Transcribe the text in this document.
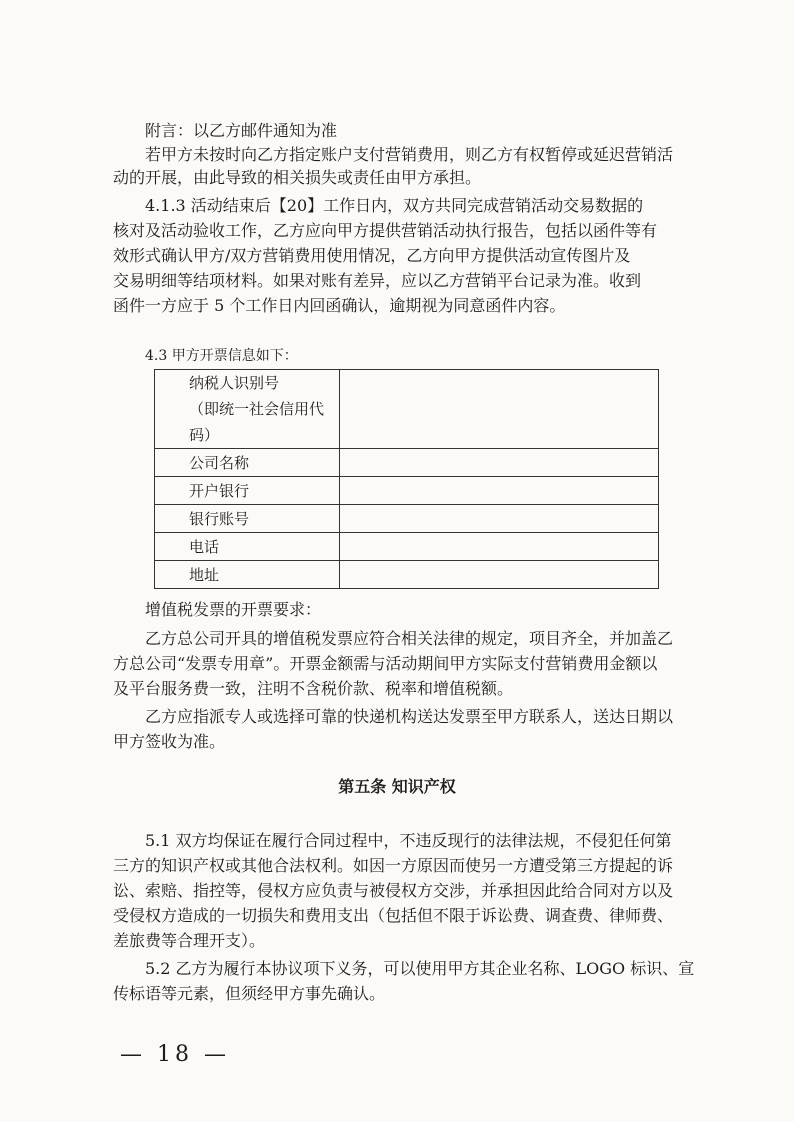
附言：以乙方邮件通知为准

若甲方未按时向乙方指定账户支付营销费用，则乙方有权暂停或延迟营销活

动的开展，由此导致的相关损失或责任由甲方承担。

4.1.3 活动结束后【20】工作日内，双方共同完成营销活动交易数据的

核对及活动验收工作，乙方应向甲方提供营销活动执行报告，包括以函件等有

效形式确认甲方/双方营销费用使用情况，乙方向甲方提供活动宣传图片及

交易明细等结项材料。如果对账有差异，应以乙方营销平台记录为准。收到

函件一方应于 5 个工作日内回函确认，逾期视为同意函件内容。

4.3 甲方开票信息如下：

纳税人识别号
（即统一社会信用代码）	

公司名称	
开户银行	
银行账号	
电话	
地址	

增值税发票的开票要求：

乙方总公司开具的增值税发票应符合相关法律的规定，项目齐全，并加盖乙

方总公司“发票专用章”。开票金额需与活动期间甲方实际支付营销费用金额以

及平台服务费一致，注明不含税价款、税率和增值税额。

乙方应指派专人或选择可靠的快递机构送达发票至甲方联系人，送达日期以

甲方签收为准。

第五条 知识产权

5.1 双方均保证在履行合同过程中，不违反现行的法律法规，不侵犯任何第

三方的知识产权或其他合法权利。如因一方原因而使另一方遭受第三方提起的诉

讼、索赔、指控等，侵权方应负责与被侵权方交涉，并承担因此给合同对方以及

受侵权方造成的一切损失和费用支出（包括但不限于诉讼费、调查费、律师费、

差旅费等合理开支）。

5.2 乙方为履行本协议项下义务，可以使用甲方其企业名称、LOGO 标识、宣

传标语等元素，但须经甲方事先确认。

— 18 —
